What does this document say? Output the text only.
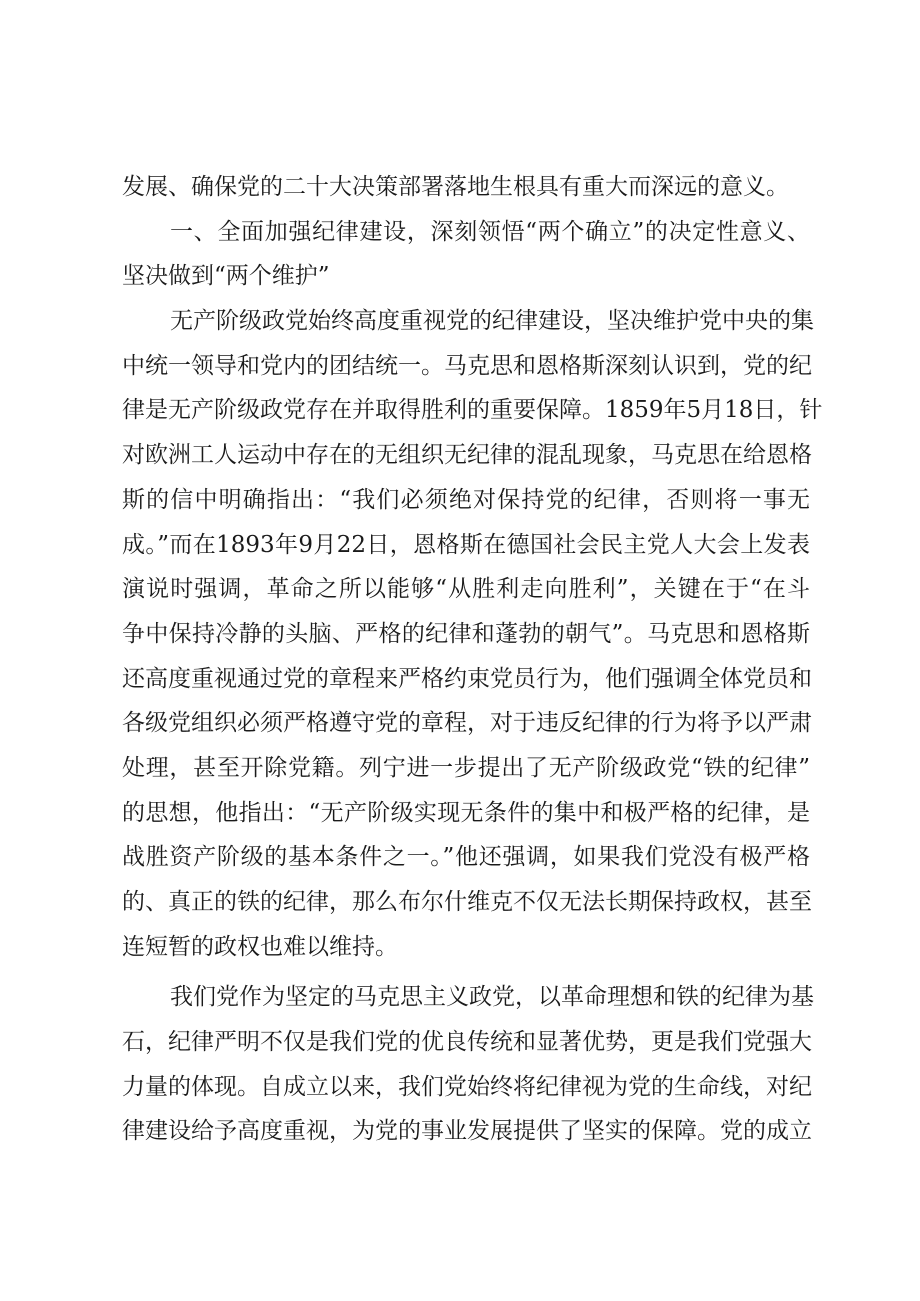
发展、确保党的二十大决策部署落地生根具有重大而深远的意义。
一、全面加强纪律建设，深刻领悟“两个确立”的决定性意义、
坚决做到“两个维护”
无产阶级政党始终高度重视党的纪律建设，坚决维护党中央的集
中统一领导和党内的团结统一。马克思和恩格斯深刻认识到，党的纪
律是无产阶级政党存在并取得胜利的重要保障。1859年5月18日，针
对欧洲工人运动中存在的无组织无纪律的混乱现象，马克思在给恩格
斯的信中明确指出：“我们必须绝对保持党的纪律，否则将一事无
成。”而在1893年9月22日，恩格斯在德国社会民主党人大会上发表
演说时强调，革命之所以能够“从胜利走向胜利”，关键在于“在斗
争中保持冷静的头脑、严格的纪律和蓬勃的朝气”。马克思和恩格斯
还高度重视通过党的章程来严格约束党员行为，他们强调全体党员和
各级党组织必须严格遵守党的章程，对于违反纪律的行为将予以严肃
处理，甚至开除党籍。列宁进一步提出了无产阶级政党“铁的纪律”
的思想，他指出：“无产阶级实现无条件的集中和极严格的纪律，是
战胜资产阶级的基本条件之一。”他还强调，如果我们党没有极严格
的、真正的铁的纪律，那么布尔什维克不仅无法长期保持政权，甚至
连短暂的政权也难以维持。
我们党作为坚定的马克思主义政党，以革命理想和铁的纪律为基
石，纪律严明不仅是我们党的优良传统和显著优势，更是我们党强大
力量的体现。自成立以来，我们党始终将纪律视为党的生命线，对纪
律建设给予高度重视，为党的事业发展提供了坚实的保障。党的成立
